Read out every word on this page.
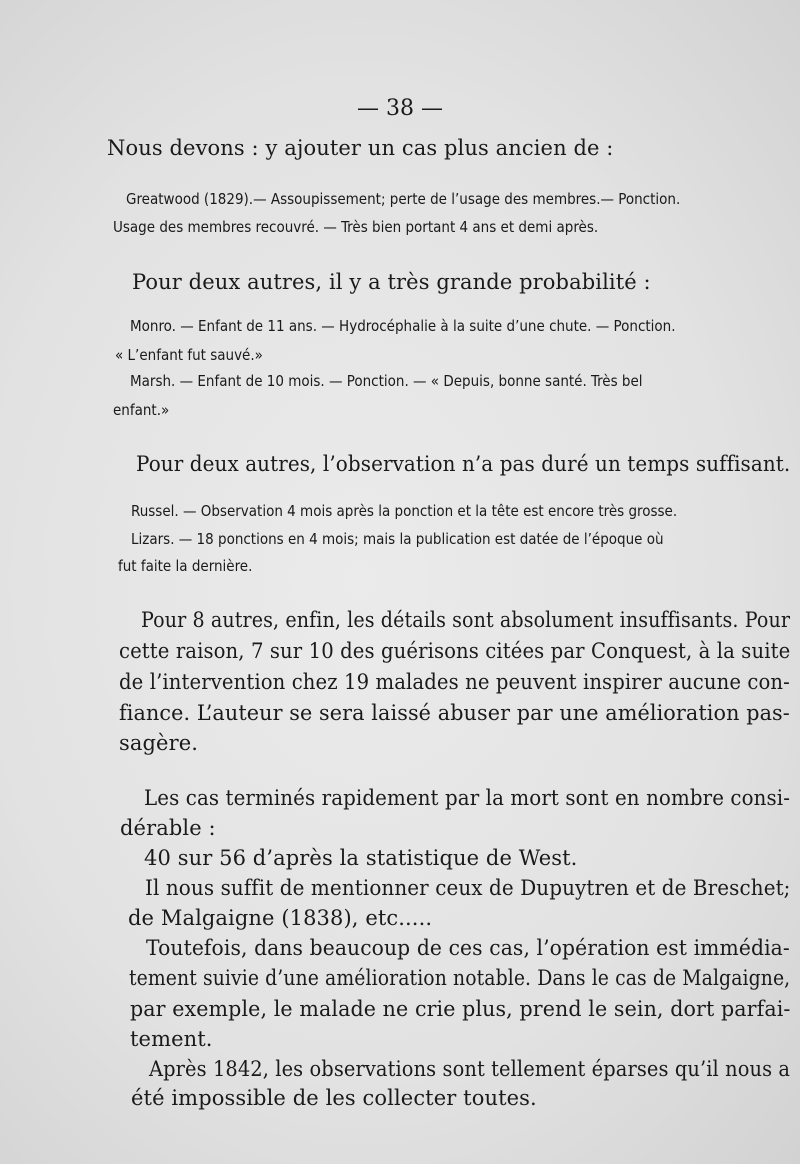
— 38 —
Nous devons : y ajouter un cas plus ancien de :
Greatwood (1829).— Assoupissement; perte de l’usage des membres.— Ponction.
Usage des membres recouvré. — Très bien portant 4 ans et demi après.
Pour deux autres, il y a très grande probabilité :
Monro. — Enfant de 11 ans. — Hydrocéphalie à la suite d’une chute. — Ponction.
« L’enfant fut sauvé.»
Marsh. — Enfant de 10 mois. — Ponction. — « Depuis, bonne santé. Très bel
enfant.»
Pour deux autres, l’observation n’a pas duré un temps suffisant.
Russel. — Observation 4 mois après la ponction et la tête est encore très grosse.
Lizars. — 18 ponctions en 4 mois; mais la publication est datée de l’époque où
fut faite la dernière.
Pour 8 autres, enfin, les détails sont absolument insuffisants. Pour
cette raison, 7 sur 10 des guérisons citées par Conquest, à la suite
de l’intervention chez 19 malades ne peuvent inspirer aucune con-
fiance. L’auteur se sera laissé abuser par une amélioration pas-
sagère.
Les cas terminés rapidement par la mort sont en nombre consi-
dérable :
40 sur 56 d’après la statistique de West.
Il nous suffit de mentionner ceux de Dupuytren et de Breschet;
de Malgaigne (1838), etc.....
Toutefois, dans beaucoup de ces cas, l’opération est immédia-
tement suivie d’une amélioration notable. Dans le cas de Malgaigne,
par exemple, le malade ne crie plus, prend le sein, dort parfai-
tement.
Après 1842, les observations sont tellement éparses qu’il nous a
été impossible de les collecter toutes.
